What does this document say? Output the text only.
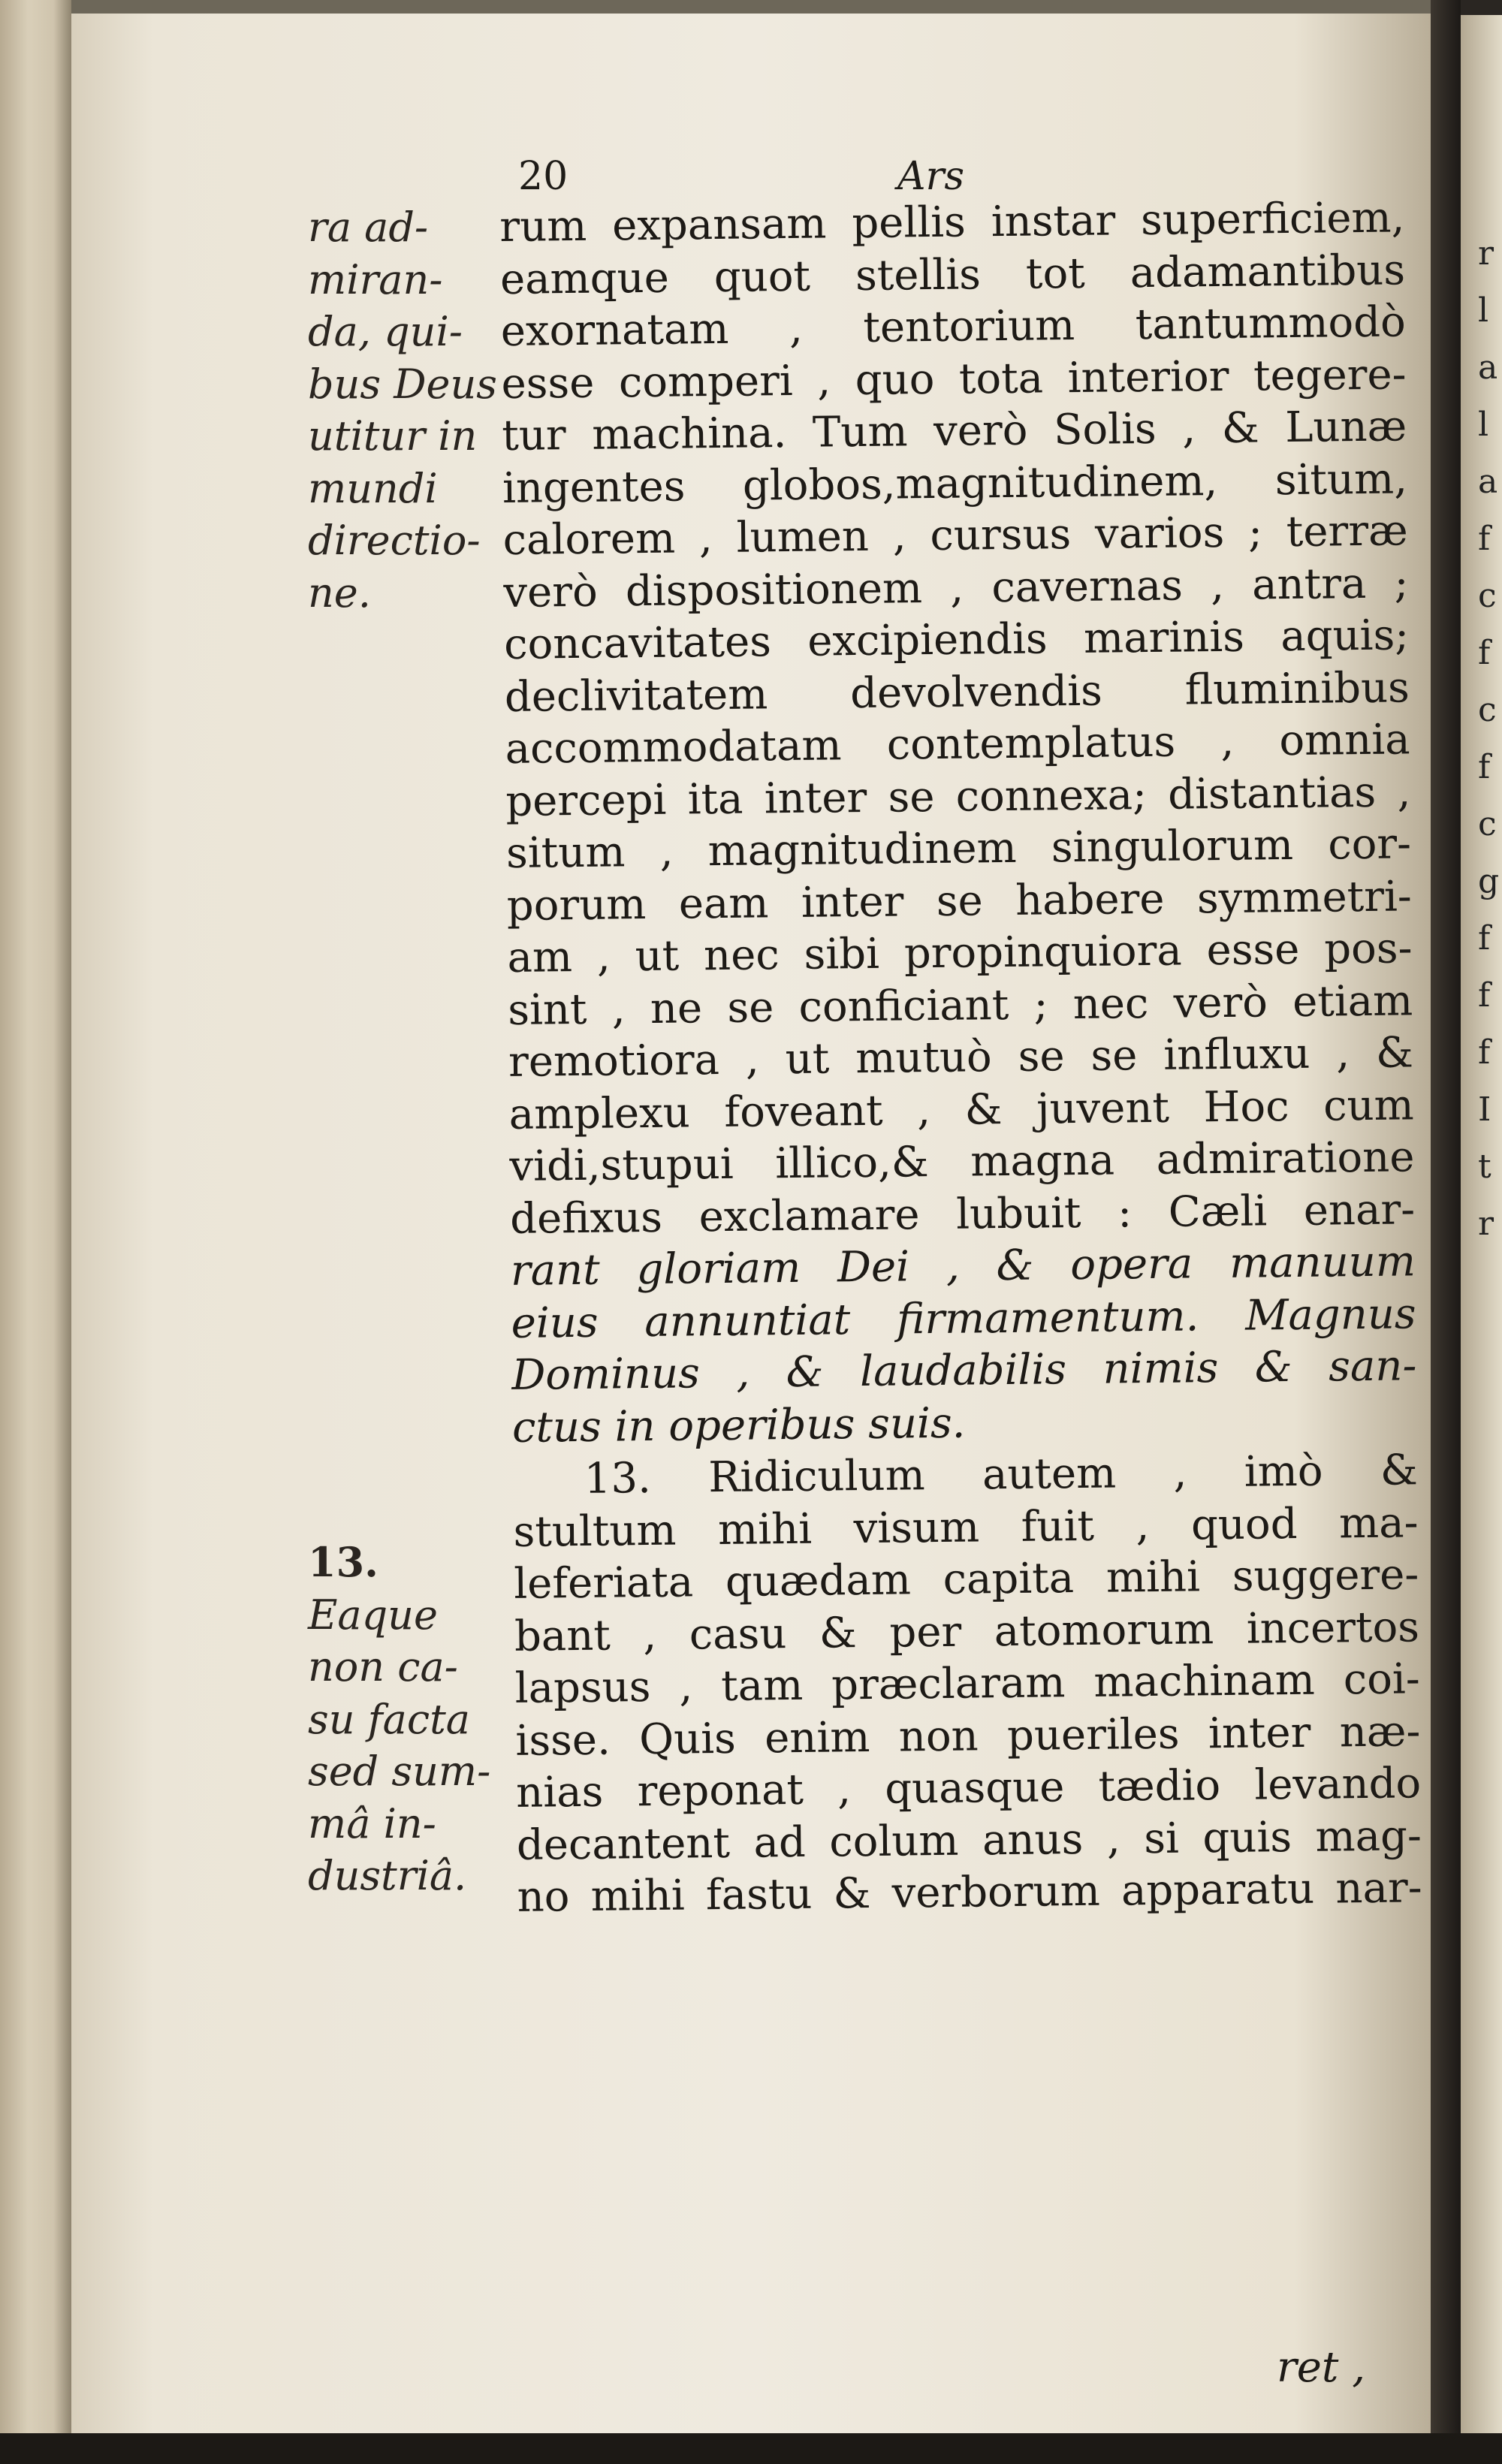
r
l
a
l
a
f
c
f
c
f
c
g
f
f
f
I
t
r
20	Ars
ra ad-
miran-
da, qui-
bus Deus
utitur in
mundi
directio-
ne.
13.
Eaque
non ca-
su facta
sed sum-
mâ in-
dustriâ.
rum expansam pellis instar superficiem,
eamque quot stellis tot adamantibus
exornatam , tentorium tantummodò
esse comperi , quo tota interior tegere-
tur machina. Tum verò Solis , & Lunæ
ingentes globos,magnitudinem, situm,
calorem , lumen , cursus varios ; terræ
verò dispositionem , cavernas , antra ;
concavitates excipiendis marinis aquis;
declivitatem devolvendis fluminibus
accommodatam contemplatus , omnia
percepi ita inter se connexa; distantias ,
situm , magnitudinem singulorum cor-
porum eam inter se habere symmetri-
am , ut nec sibi propinquiora esse pos-
sint , ne se conficiant ; nec verò etiam
remotiora , ut mutuò se se influxu , &
amplexu foveant , & juvent Hoc cum
vidi,stupui illico,& magna admiratione
defixus exclamare lubuit : Cæli enar-
rant gloriam Dei , & opera manuum
eius annuntiat firmamentum. Magnus
Dominus , & laudabilis nimis & san-
ctus in operibus suis.
13. Ridiculum autem , imò &
stultum mihi visum fuit , quod ma-
leferiata quædam capita mihi suggere-
bant , casu & per atomorum incertos
lapsus , tam præclaram machinam coi-
isse. Quis enim non pueriles inter næ-
nias reponat , quasque tædio levando
decantent ad colum anus , si quis mag-
no mihi fastu & verborum apparatu nar-
ret ,
